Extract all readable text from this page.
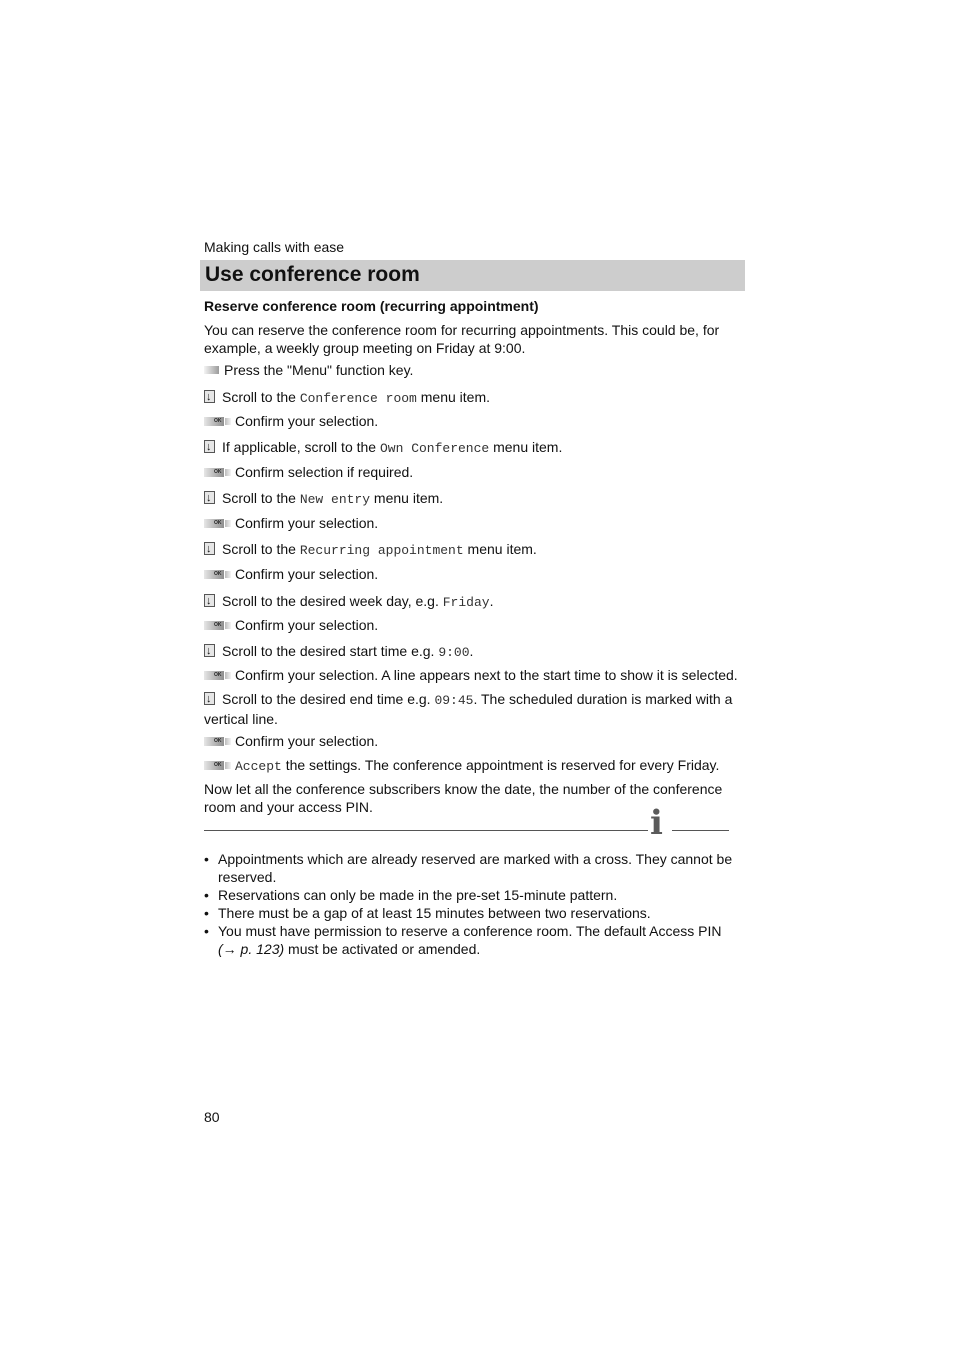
Making calls with ease
Use conference room
Reserve conference room (recurring appointment)

You can reserve the conference room for recurring appointments. This could be, for example, a weekly group meeting on Friday at 9:00.

Press the "Menu" function key.
↓Scroll to the Conference room menu item.
OK Confirm your selection.
↓If applicable, scroll to the Own Conference menu item.
OK Confirm selection if required.
↓Scroll to the New entry menu item.
OK Confirm your selection.
↓Scroll to the Recurring appointment menu item.
OK Confirm your selection.
↓Scroll to the desired week day, e.g. Friday.
OK Confirm your selection.
↓Scroll to the desired start time e.g. 9:00.
OK Confirm your selection. A line appears next to the start time to show it is selected.
↓Scroll to the desired end time e.g. 09:45. The scheduled duration is marked with a vertical line.
OK Confirm your selection.
OK Accept the settings. The conference appointment is reserved for every Friday.

Now let all the conference subscribers know the date, the number of the conference room and your access PIN.	i
• Appointments which are already reserved are marked with a cross. They cannot be reserved.
• Reservations can only be made in the pre-set 15-minute pattern.
• There must be a gap of at least 15 minutes between two reservations.
• You must have permission to reserve a conference room. The default Access PIN (→ p. 123) must be activated or amended.
80
